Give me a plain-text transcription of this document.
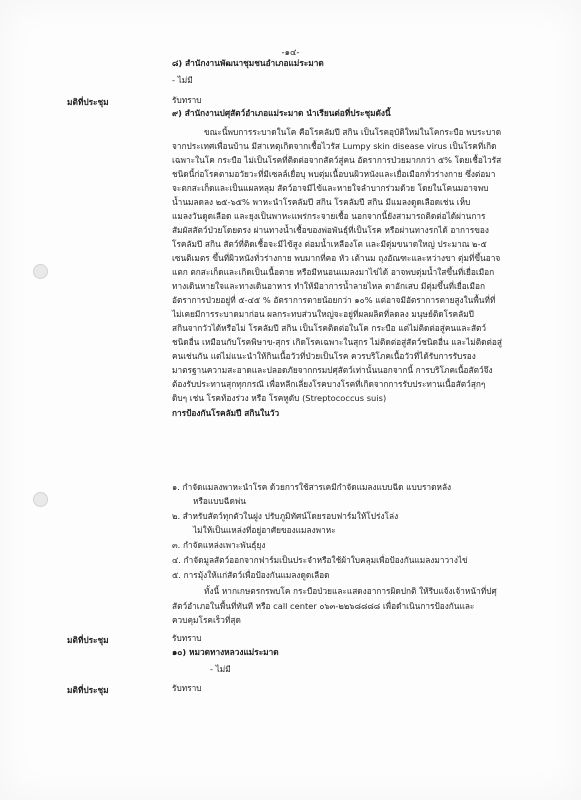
-๑๔-
๘) สำนักงานพัฒนาชุมชนอำเภอแม่ระมาด
- ไม่มี
รับทราบ
๙) สำนักงานปศุสัตว์อำเภอแม่ระมาด นำเรียนต่อที่ประชุมดังนี้
ขณะนี้พบการระบาดในโค คือโรคลัมปี สกิน เป็นโรคอุบัติใหม่ในโคกระบือ พบระบาด
จากประเทศเพื่อนบ้าน มีสาเหตุเกิดจากเชื้อไวรัส Lumpy skin disease virus เป็นโรคที่เกิด
เฉพาะในโค กระบือ ไม่เป็นโรคที่ติดต่อจากสัตว์สู่คน อัตราการป่วยมากกว่า ๕% โดยเชื้อไวรัส
ชนิดนี้ก่อโรคตามอวัยวะที่มีเซลล์เยื่อบุ พบตุ่มเนื้อบนผิวหนังและเยื่อเมือกทั่วร่างกาย ซึ่งต่อมา
จะตกสะเก็ดและเป็นแผลหลุม สัตว์อาจมีไข้และหายใจลำบากร่วมด้วย โดยในโคนมอาจพบ
น้ำนมลดลง ๒๕-๖๕% พาหะนำโรคลัมปี สกิน โรคลัมปี สกิน มีแมลงดูดเลือดเช่น เห็บ
แมลงวันดูดเลือด และยุงเป็นพาหะแพร่กระจายเชื้อ นอกจากนี้ยังสามารถติดต่อได้ผ่านการ
สัมผัสสัตว์ป่วยโดยตรง ผ่านทางน้ำเชื้อของพ่อพันธุ์ที่เป็นโรค หรือผ่านทางรกได้ อาการของ
โรคลัมปี สกิน สัตว์ที่ติดเชื้อจะมีไข้สูง ต่อมน้ำเหลืองโต และมีตุ่มขนาดใหญ่ ประมาณ ๒-๕
เซนติเมตร ขึ้นที่ผิวหนังทั่วร่างกาย พบมากที่คอ หัว เต้านม ถุงอัณฑะและหว่างขา ตุ่มที่ขึ้นอาจ
แตก ตกสะเก็ดและเกิดเป็นเนื้อตาย หรือมีหนอนแมลงมาไข่ได้ อาจพบตุ่มน้ำใสขึ้นที่เยื่อเมือก
ทางเดินหายใจและทางเดินอาหาร ทำให้มีอาการน้ำลายไหล ตาอักเสบ มีตุ่มขึ้นที่เยื่อเมือก
อัตราการป่วยอยู่ที่ ๕-๔๕ % อัตราการตายน้อยกว่า ๑๐% แต่อาจมีอัตราการตายสูงในพื้นที่ที่
ไม่เคยมีการระบาดมาก่อน ผลกระทบส่วนใหญ่จะอยู่ที่ผลผลิตที่ลดลง มนุษย์ติดโรคลัมปี
สกินจากวัวได้หรือไม่ โรคลัมปี สกิน เป็นโรคติดต่อในโค กระบือ แต่ไม่ติดต่อสู่คนและสัตว์
ชนิดอื่น เหมือนกับโรคพิษาข-สุกร เกิดโรคเฉพาะในสุกร ไม่ติดต่อสู่สัตว์ชนิดอื่น และไม่ติดต่อสู่
คนเช่นกัน แต่ไม่แนะนำให้กินเนื้อวัวที่ป่วยเป็นโรค ควรบริโภคเนื้อวัวที่ได้รับการรับรอง
มาตรฐานความสะอาดและปลอดภัยจากกรมปศุสัตว์เท่านั้นนอกจากนี้ การบริโภคเนื้อสัตว์จึง
ต้องรับประทานสุกทุกกรณี เพื่อหลีกเลี่ยงโรคบางโรคที่เกิดจากการรับประทานเนื้อสัตว์สุกๆ
ดิบๆ เช่น โรคท้องร่วง หรือ โรคหูดับ (Streptococcus suis)
การป้องกันโรคลัมปี สกินในวัว
๑. กำจัดแมลงพาหะนำโรค ด้วยการใช้สารเคมีกำจัดแมลงแบบฉีด แบบราดหลัง
หรือแบบฉีดพ่น
๒. สำหรับสัตว์ทุกตัวในฝูง ปรับภูมิทัศน์โดยรอบฟาร์มให้โปร่งโล่ง
ไม่ให้เป็นแหล่งที่อยู่อาศัยของแมลงพาหะ
๓. กำจัดแหล่งเพาะพันธุ์ยุง
๔. กำจัดมูลสัตว์ออกจากฟาร์มเป็นประจำหรือใช้ผ้าใบคลุมเพื่อป้องกันแมลงมาวางไข่
๕. การมุ้งให้แก่สัตว์เพื่อป้องกันแมลงดูดเลือด
ทั้งนี้ หากเกษตรกรพบโค กระบือป่วยและแสดงอาการผิดปกติ ให้รีบแจ้งเจ้าหน้าที่ปศุ
สัตว์อำเภอในพื้นที่ทันที หรือ call center ๐๖๓-๒๒๖๘๘๘๘ เพื่อดำเนินการป้องกันและ
ควบคุมโรคเร็วที่สุด
รับทราบ
๑๐) หมวดทางหลวงแม่ระมาด
- ไม่มี
รับทราบ
มติที่ประชุม
มติที่ประชุม
มติที่ประชุม
